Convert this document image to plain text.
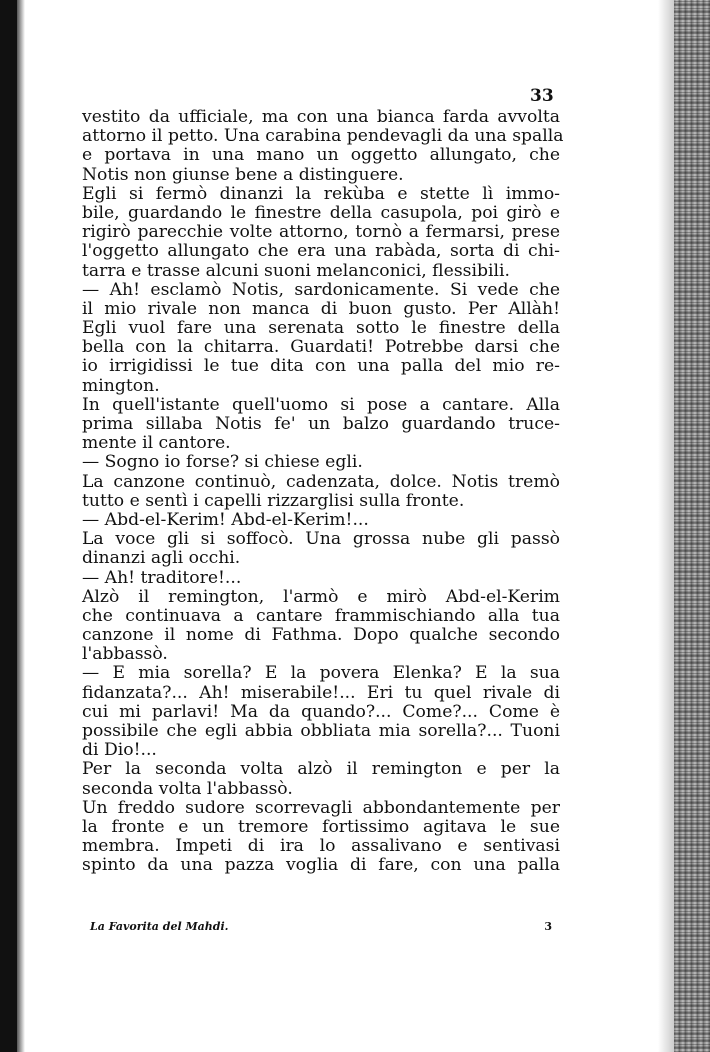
33
vestito da ufficiale, ma con una bianca farda avvolta
attorno il petto. Una carabina pendevagli da una spalla
e portava in una mano un oggetto allungato, che
Notis non giunse bene a distinguere.
Egli si fermò dinanzi la rekùba e stette lì immo-
bile, guardando le finestre della casupola, poi girò e
rigirò parecchie volte attorno, tornò a fermarsi, prese
l'oggetto allungato che era una rabàda, sorta di chi-
tarra e trasse alcuni suoni melanconici, flessibili.
— Ah! esclamò Notis, sardonicamente. Si vede che
il mio rivale non manca di buon gusto. Per Allàh!
Egli vuol fare una serenata sotto le finestre della
bella con la chitarra. Guardati! Potrebbe darsi che
io irrigidissi le tue dita con una palla del mio re-
mington.
In quell'istante quell'uomo si pose a cantare. Alla
prima sillaba Notis fe' un balzo guardando truce-
mente il cantore.
— Sogno io forse? si chiese egli.
La canzone continuò, cadenzata, dolce. Notis tremò
tutto e sentì i capelli rizzarglisi sulla fronte.
— Abd-el-Kerim! Abd-el-Kerim!...
La voce gli si soffocò. Una grossa nube gli passò
dinanzi agli occhi.
— Ah! traditore!...
Alzò il remington, l'armò e mirò Abd-el-Kerim
che continuava a cantare frammischiando alla tua
canzone il nome di Fathma. Dopo qualche secondo
l'abbassò.
— E mia sorella? E la povera Elenka? E la sua
fidanzata?... Ah! miserabile!... Eri tu quel rivale di
cui mi parlavi! Ma da quando?... Come?... Come è
possibile che egli abbia obbliata mia sorella?... Tuoni
di Dio!...
Per la seconda volta alzò il remington e per la
seconda volta l'abbassò.
Un freddo sudore scorrevagli abbondantemente per
la fronte e un tremore fortissimo agitava le sue
membra. Impeti di ira lo assalivano e sentivasi
spinto da una pazza voglia di fare, con una palla
La Favorita del Mahdi.	3
